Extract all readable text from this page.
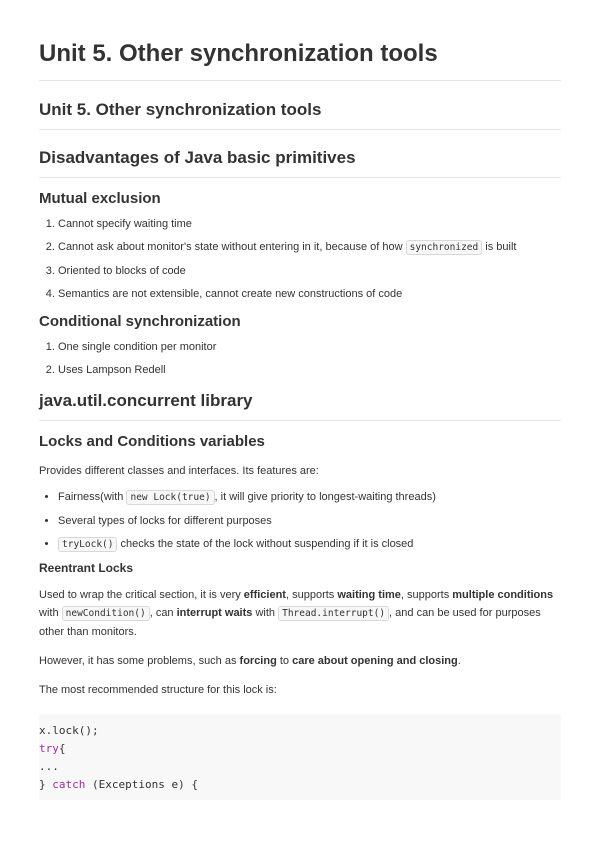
Unit 5. Other synchronization tools
Unit 5. Other synchronization tools
Disadvantages of Java basic primitives
Mutual exclusion
1. Cannot specify waiting time
2. Cannot ask about monitor's state without entering in it, because of how synchronized is built
3. Oriented to blocks of code
4. Semantics are not extensible, cannot create new constructions of code
Conditional synchronization
1. One single condition per monitor
2. Uses Lampson Redell
java.util.concurrent library
Locks and Conditions variables

Provides different classes and interfaces. Its features are:

• Fairness(with new Lock(true) , it will give priority to longest-waiting threads)
• Several types of locks for different purposes
• tryLock() checks the state of the lock without suspending if it is closed
Reentrant Locks

Used to wrap the critical section, it is very efficient, supports waiting time, supports multiple conditions with newCondition() , can interrupt waits with Thread.interrupt() , and can be used for purposes other than monitors.

However, it has some problems, such as forcing to care about opening and closing.

The most recommended structure for this lock is:

x.lock();
try{
...
} catch (Exceptions e) {
